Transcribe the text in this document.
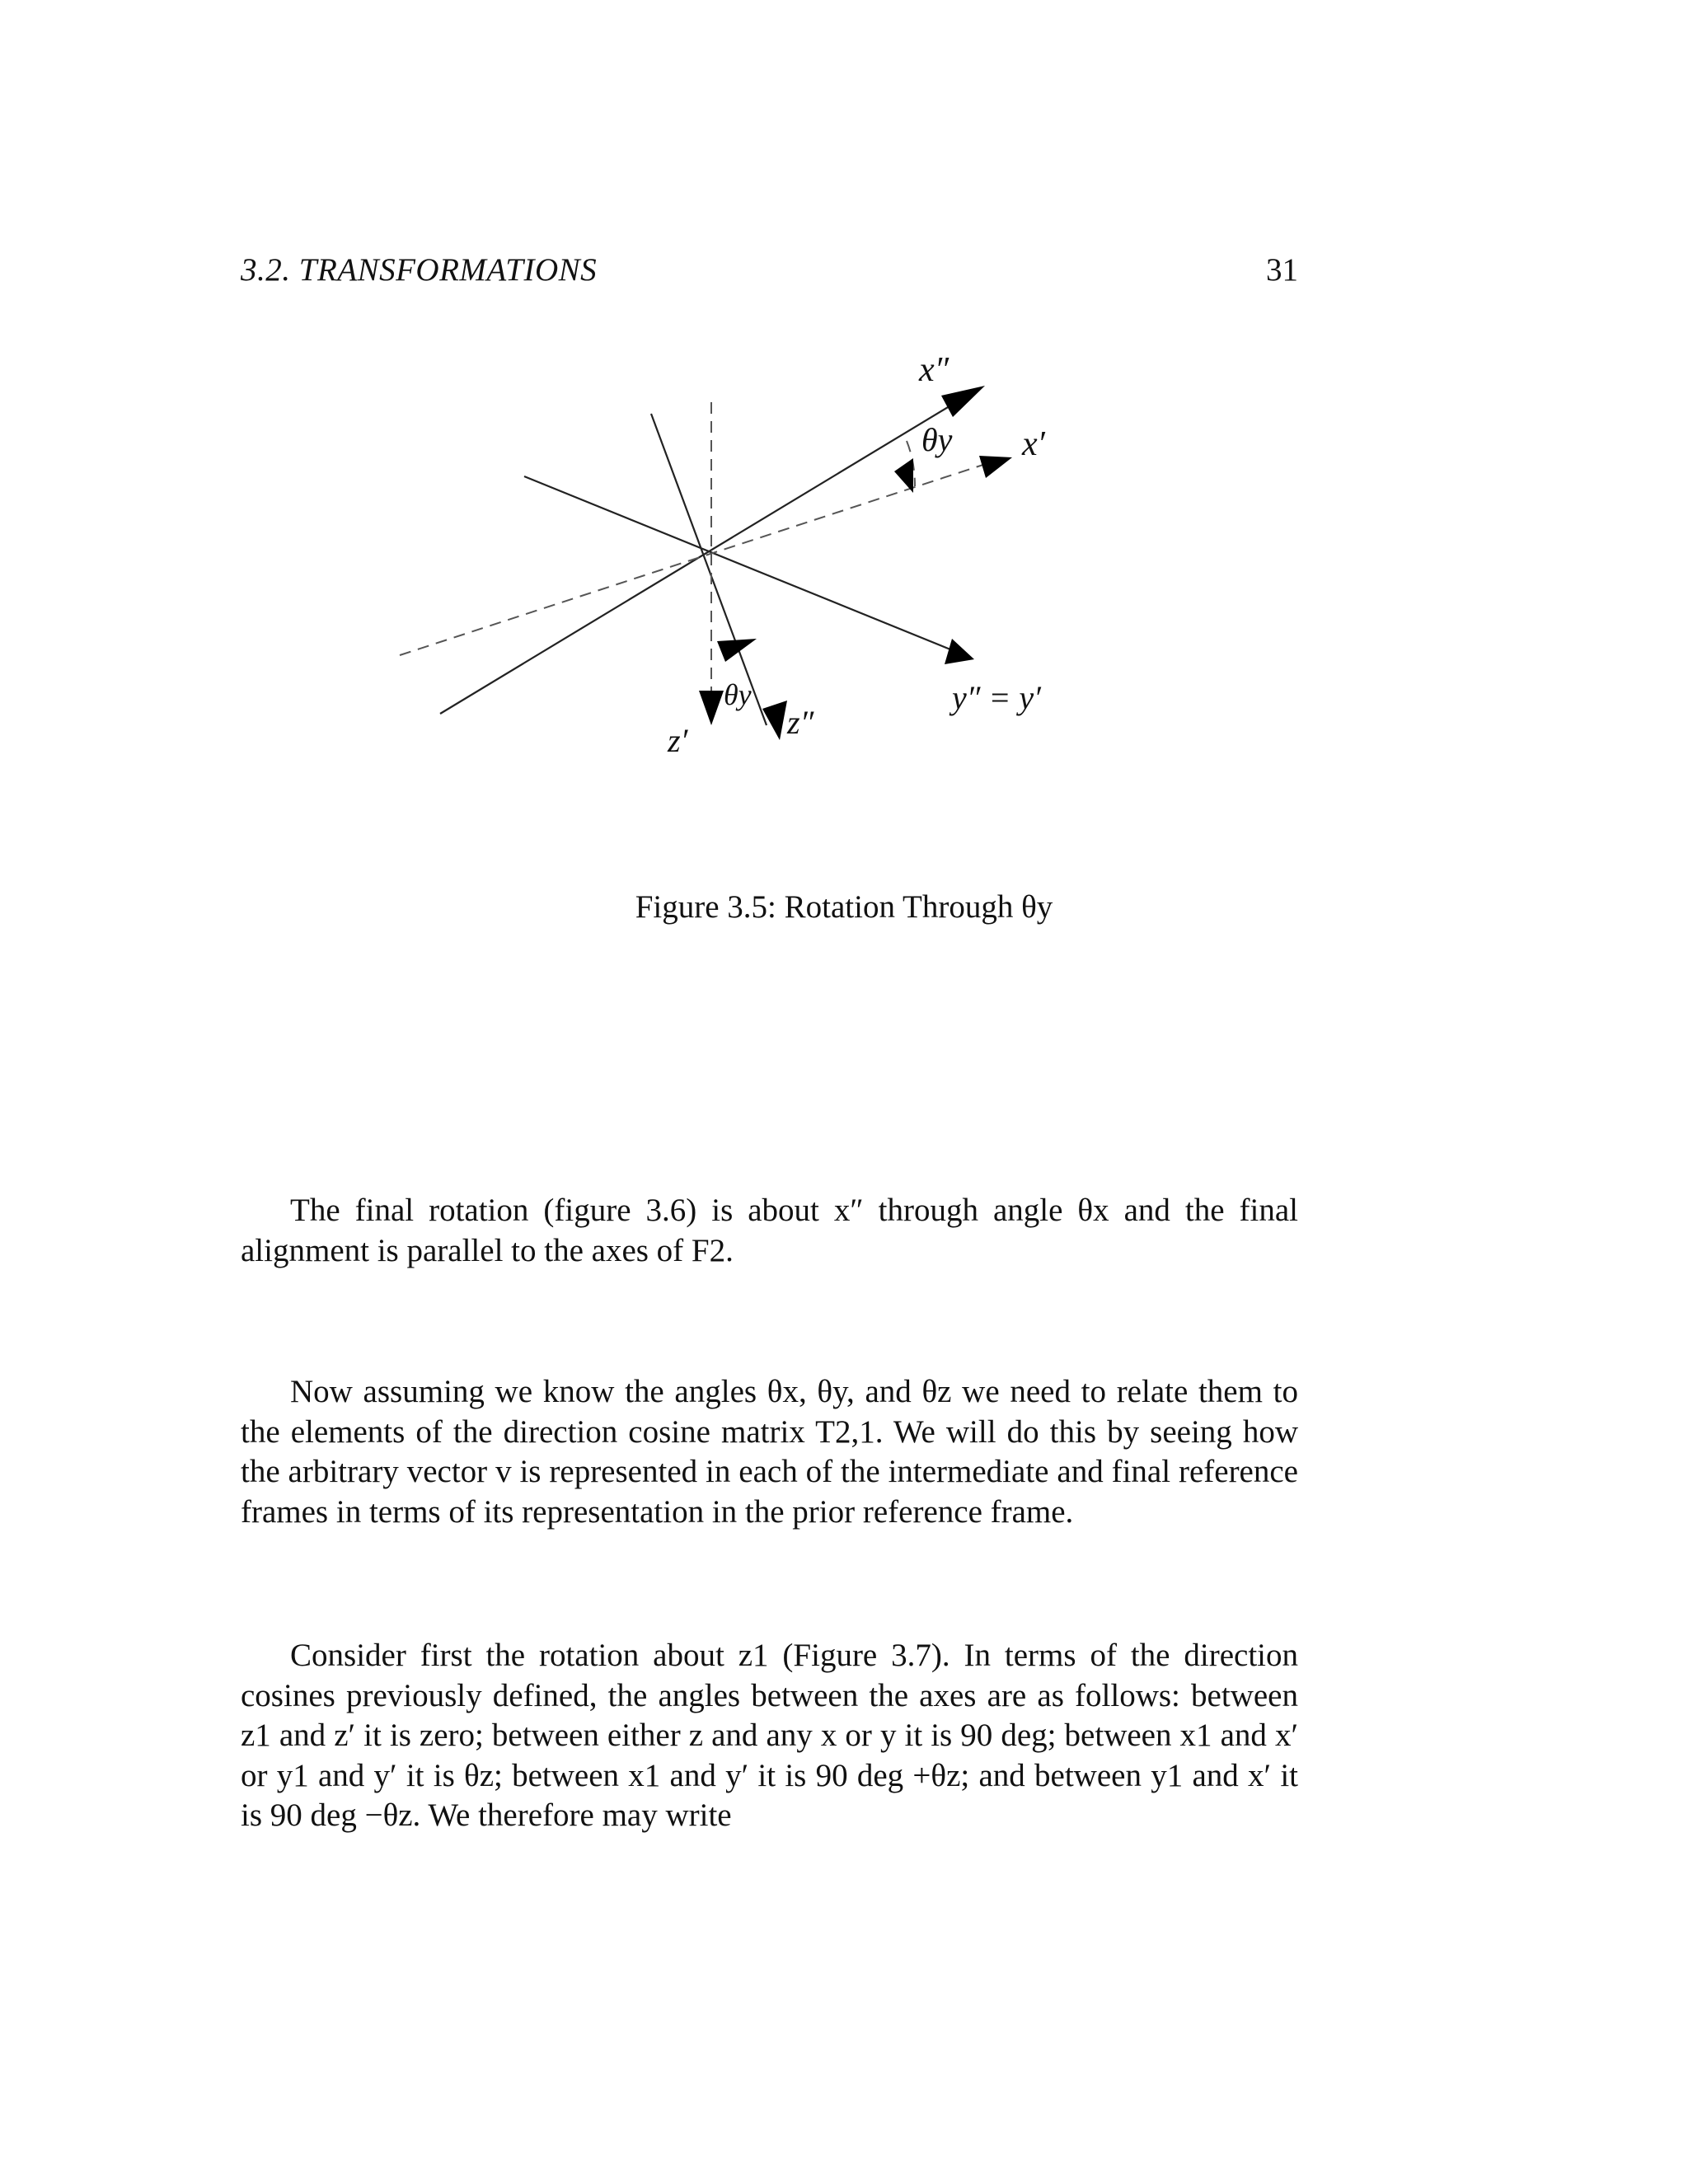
3.2. TRANSFORMATIONS	31
x″
x′
θy
y″ = y′
z′	z″
θy
Figure 3.5: Rotation Through θy

The final rotation (figure 3.6) is about x″ through angle θx and the final alignment is parallel to the axes of F2.

Now assuming we know the angles θx, θy, and θz we need to relate them to the elements of the direction cosine matrix T2,1. We will do this by seeing how the arbitrary vector v is represented in each of the intermediate and final reference frames in terms of its representation in the prior reference frame.

Consider first the rotation about z1 (Figure 3.7). In terms of the direction cosines previously defined, the angles between the axes are as follows: between z1 and z′ it is zero; between either z and any x or y it is 90 deg; between x1 and x′ or y1 and y′ it is θz; between x1 and y′ it is 90 deg +θz; and between y1 and x′ it is 90 deg −θz. We therefore may write
